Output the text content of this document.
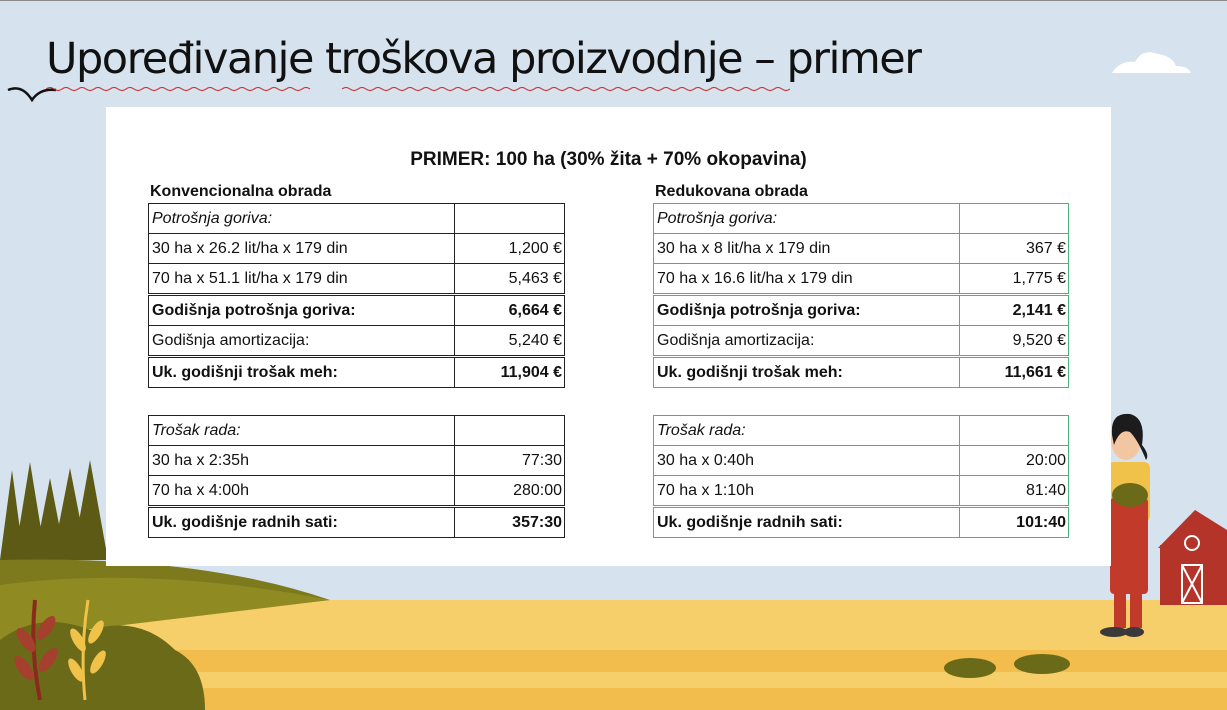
Upoređivanje troškova proizvodnje – primer
PRIMER: 100 ha (30% žita + 70% okopavina)
Konvencionalna obrada
Potrošnja goriva:	
30 ha x 26.2 lit/ha x 179 din	1,200 €
70 ha x 51.1 lit/ha x 179 din	5,463 €
Godišnja potrošnja goriva:	6,664 €
Godišnja amortizacija:	5,240 €
Uk. godišnji trošak meh:	11,904 €
Trošak rada:	
30 ha x 2:35h	77:30
70 ha x 4:00h	280:00
Uk. godišnje radnih sati:	357:30
Redukovana obrada
Potrošnja goriva:	
30 ha x 8 lit/ha x 179 din	367 €
70 ha x 16.6 lit/ha x 179 din	1,775 €
Godišnja potrošnja goriva:	2,141 €
Godišnja amortizacija:	9,520 €
Uk. godišnji trošak meh:	11,661 €
Trošak rada:	
30 ha x 0:40h	20:00
70 ha x 1:10h	81:40
Uk. godišnje radnih sati:	101:40
